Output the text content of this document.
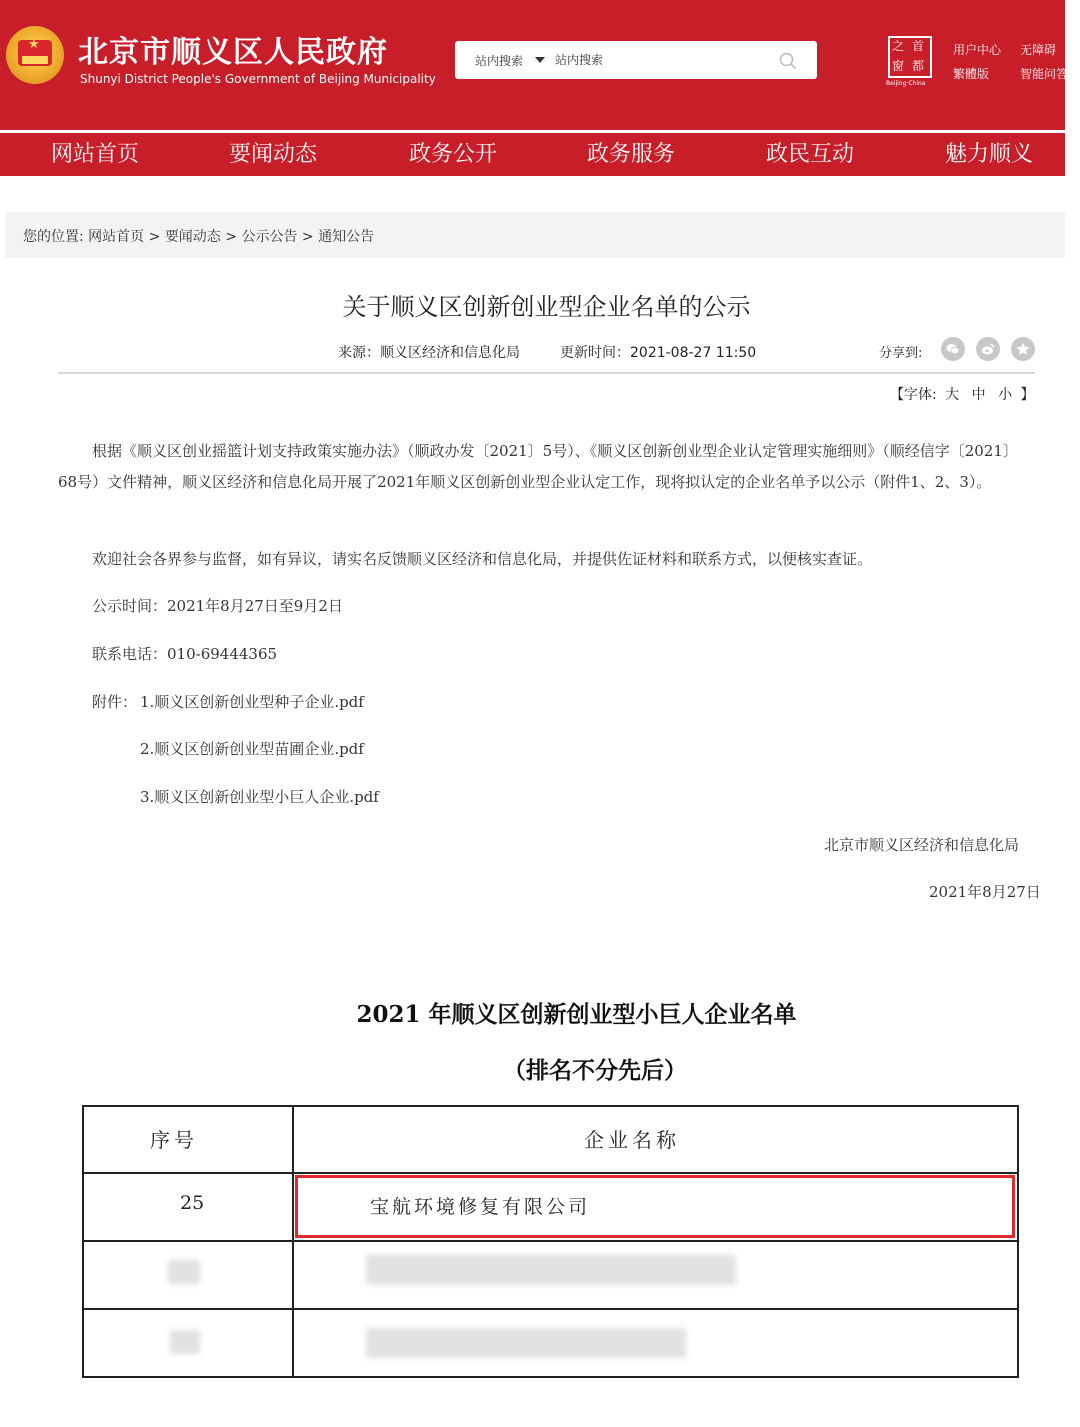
★ 北京市顺义区人民政府
Shunyi District People's Government of Beijing Municipality
站内搜索
站内搜索
之 首
窗 都
Beijing·China
用户中心 无障碍
繁體版	智能问答
网站首页	要闻动态	政务公开	政务服务	政民互动	魅力顺义
您的位置: 网站首页 > 要闻动态 > 公示公告 > 通知公告
关于顺义区创新创业型企业名单的公示
来源：顺义区经济和信息化局	更新时间：2021-08-27 11:50	分享到:
【字体: 大 中 小 】
根据《顺义区创业摇篮计划支持政策实施办法》（顺政办发〔2021〕5号）、《顺义区创新创业型企业认定管理实施细则》（顺经信字〔2021〕68号）文件精神，顺义区经济和信息化局开展了2021年顺义区创新创业型企业认定工作，现将拟认定的企业名单予以公示（附件1、2、3）。
欢迎社会各界参与监督，如有异议，请实名反馈顺义区经济和信息化局，并提供佐证材料和联系方式，以便核实查证。
公示时间：2021年8月27日至9月2日
联系电话：010-69444365
附件： 1.顺义区创新创业型种子企业.pdf
2.顺义区创新创业型苗圃企业.pdf
3.顺义区创新创业型小巨人企业.pdf
北京市顺义区经济和信息化局
2021年8月27日
2021 年顺义区创新创业型小巨人企业名单
（排名不分先后）
序号	企业名称
25	宝航环境修复有限公司
